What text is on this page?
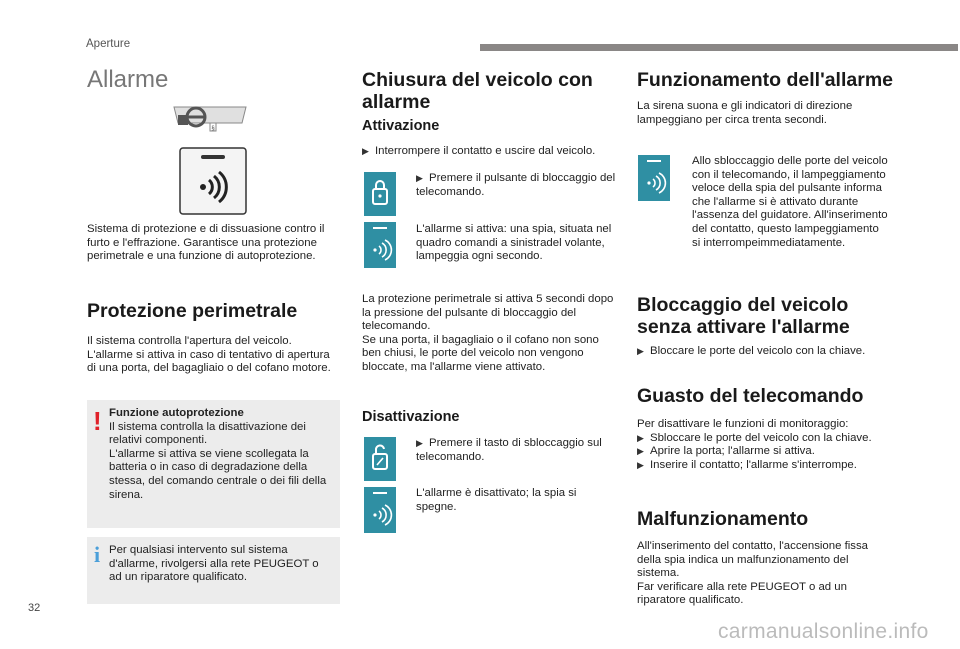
Aperture
Allarme
§
Sistema di protezione e di dissuasione contro il furto e l'effrazione. Garantisce una protezione perimetrale e una funzione di autoprotezione.
Protezione perimetrale
Il sistema controlla l'apertura del veicolo. L'allarme si attiva in caso di tentativo di apertura di una porta, del bagagliaio o del cofano motore.
! Funzione autoprotezione
Il sistema controlla la disattivazione dei relativi componenti.
L'allarme si attiva se viene scollegata la batteria o in caso di degradazione della stessa, del comando centrale o dei fili della sirena.
i Per qualsiasi intervento sul sistema d'allarme, rivolgersi alla rete PEUGEOT o ad un riparatore qualificato.
Chiusura del veicolo con allarme
Attivazione
▶ Interrompere il contatto e uscire dal veicolo.
▶ Premere il pulsante di bloccaggio del telecomando.
L'allarme si attiva: una spia, situata nel quadro comandi a sinistradel volante, lampeggia ogni secondo.
La protezione perimetrale si attiva 5 secondi dopo la pressione del pulsante di bloccaggio del telecomando.
Se una porta, il bagagliaio o il cofano non sono ben chiusi, le porte del veicolo non vengono bloccate, ma l'allarme viene attivato.
Disattivazione
▶ Premere il tasto di sbloccaggio sul telecomando.
L'allarme è disattivato; la spia si spegne.
Funzionamento dell'allarme
La sirena suona e gli indicatori di direzione lampeggiano per circa trenta secondi.
Allo sbloccaggio delle porte del veicolo con il telecomando, il lampeggiamento veloce della spia del pulsante informa che l'allarme si è attivato durante l'assenza del guidatore. All'inserimento del contatto, questo lampeggiamento si interrompeimmediatamente.
Bloccaggio del veicolo senza attivare l'allarme
▶ Bloccare le porte del veicolo con la chiave.
Guasto del telecomando
Per disattivare le funzioni di monitoraggio:
▶ Sbloccare le porte del veicolo con la chiave.
▶ Aprire la porta; l'allarme si attiva.
▶ Inserire il contatto; l'allarme s'interrompe.
Malfunzionamento
All'inserimento del contatto, l'accensione fissa della spia indica un malfunzionamento del sistema.
Far verificare alla rete PEUGEOT o ad un riparatore qualificato.
32
carmanualsonline.info
